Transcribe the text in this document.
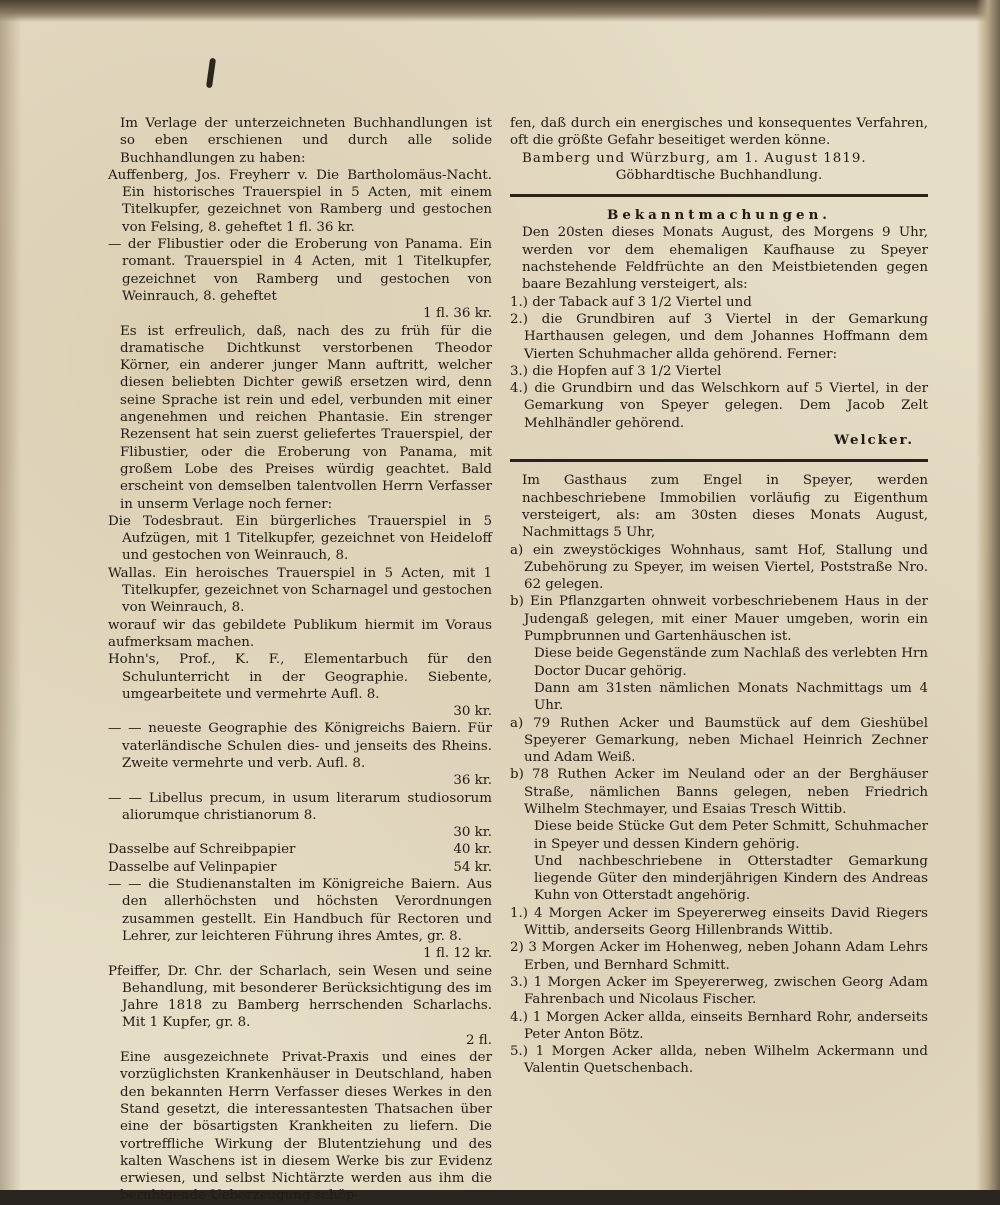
Im Verlage der unterzeichneten Buchhandlungen ist so eben erschienen und durch alle solide Buchhandlungen zu haben:

Auffenberg, Jos. Freyherr v. Die Bartholomäus-Nacht. Ein historisches Trauerspiel in 5 Acten, mit einem Titelkupfer, gezeichnet von Ramberg und gestochen von Felsing, 8. geheftet 1 fl. 36 kr.

— der Flibustier oder die Eroberung von Panama. Ein romant. Trauerspiel in 4 Acten, mit 1 Titelkupfer, gezeichnet von Ramberg und gestochen von Weinrauch, 8. geheftet

1 fl. 36 kr.

Es ist erfreulich, daß, nach des zu früh für die dramatische Dichtkunst verstorbenen Theodor Körner, ein anderer junger Mann auftritt, welcher diesen beliebten Dichter gewiß ersetzen wird, denn seine Sprache ist rein und edel, verbunden mit einer angenehmen und reichen Phantasie. Ein strenger Rezensent hat sein zuerst geliefertes Trauerspiel, der Flibustier, oder die Eroberung von Panama, mit großem Lobe des Preises würdig geachtet. Bald erscheint von demselben talentvollen Herrn Verfasser in unserm Verlage noch ferner:

Die Todesbraut. Ein bürgerliches Trauerspiel in 5 Aufzügen, mit 1 Titelkupfer, gezeichnet von Heideloff und gestochen von Weinrauch, 8.

Wallas. Ein heroisches Trauerspiel in 5 Acten, mit 1 Titelkupfer, gezeichnet von Scharnagel und gestochen von Weinrauch, 8.

worauf wir das gebildete Publikum hiermit im Voraus aufmerksam machen.

Hohn's, Prof., K. F., Elementarbuch für den Schulunterricht in der Geographie. Siebente, umgearbeitete und vermehrte Aufl. 8.

30 kr.

— — neueste Geographie des Königreichs Baiern. Für vaterländische Schulen dies- und jenseits des Rheins. Zweite vermehrte und verb. Aufl. 8.

36 kr.

— — Libellus precum, in usum literarum studiosorum aliorumque christianorum 8.

30 kr.

Dasselbe auf Schreibpapier	40 kr.
Dasselbe auf Velinpapier	54 kr.

— — die Studienanstalten im Königreiche Baiern. Aus den allerhöchsten und höchsten Verordnungen zusammen gestellt. Ein Handbuch für Rectoren und Lehrer, zur leichteren Führung ihres Amtes, gr. 8.

1 fl. 12 kr.

Pfeiffer, Dr. Chr. der Scharlach, sein Wesen und seine Behandlung, mit besonderer Berücksichtigung des im Jahre 1818 zu Bamberg herrschenden Scharlachs. Mit 1 Kupfer, gr. 8.

2 fl.

Eine ausgezeichnete Privat-Praxis und eines der vorzüglichsten Krankenhäuser in Deutschland, haben den bekannten Herrn Verfasser dieses Werkes in den Stand gesetzt, die interessantesten Thatsachen über eine der bösartigsten Krankheiten zu liefern. Die vortreffliche Wirkung der Blutentziehung und des kalten Waschens ist in diesem Werke bis zur Evidenz erwiesen, und selbst Nichtärzte werden aus ihm die beruhigende Ueberzeugung schöp-

fen, daß durch ein energisches und konsequentes Verfahren, oft die größte Gefahr beseitiget werden könne.

Bamberg und Würzburg, am 1. August 1819.

Göbhardtische Buchhandlung.

Bekanntmachungen.

Den 20sten dieses Monats August, des Morgens 9 Uhr, werden vor dem ehemaligen Kaufhause zu Speyer nachstehende Feldfrüchte an den Meistbietenden gegen baare Bezahlung versteigert, als:

1.) der Taback auf 3 1/2 Viertel und

2.) die Grundbiren auf 3 Viertel in der Gemarkung Harthausen gelegen, und dem Johannes Hoffmann dem Vierten Schuhmacher allda gehörend. Ferner:

3.) die Hopfen auf 3 1/2 Viertel

4.) die Grundbirn und das Welschkorn auf 5 Viertel, in der Gemarkung von Speyer gelegen. Dem Jacob Zelt Mehlhändler gehörend.

Welcker.

Im Gasthaus zum Engel in Speyer, werden nachbeschriebene Immobilien vorläufig zu Eigenthum versteigert, als: am 30sten dieses Monats August, Nachmittags 5 Uhr,

a) ein zweystöckiges Wohnhaus, samt Hof, Stallung und Zubehörung zu Speyer, im weisen Viertel, Poststraße Nro. 62 gelegen.

b) Ein Pflanzgarten ohnweit vorbeschriebenem Haus in der Judengaß gelegen, mit einer Mauer umgeben, worin ein Pumpbrunnen und Gartenhäuschen ist.

Diese beide Gegenstände zum Nachlaß des verlebten Hrn Doctor Ducar gehörig.

Dann am 31sten nämlichen Monats Nachmittags um 4 Uhr.

a) 79 Ruthen Acker und Baumstück auf dem Gieshübel Speyerer Gemarkung, neben Michael Heinrich Zechner und Adam Weiß.

b) 78 Ruthen Acker im Neuland oder an der Berghäuser Straße, nämlichen Banns gelegen, neben Friedrich Wilhelm Stechmayer, und Esaias Tresch Wittib.

Diese beide Stücke Gut dem Peter Schmitt, Schuhmacher in Speyer und dessen Kindern gehörig.

Und nachbeschriebene in Otterstadter Gemarkung liegende Güter den minderjährigen Kindern des Andreas Kuhn von Otterstadt angehörig.

1.) 4 Morgen Acker im Speyererweg einseits David Riegers Wittib, anderseits Georg Hillenbrands Wittib.

2) 3 Morgen Acker im Hohenweg, neben Johann Adam Lehrs Erben, und Bernhard Schmitt.

3.) 1 Morgen Acker im Speyererweg, zwischen Georg Adam Fahrenbach und Nicolaus Fischer.

4.) 1 Morgen Acker allda, einseits Bernhard Rohr, anderseits Peter Anton Bötz.

5.) 1 Morgen Acker allda, neben Wilhelm Ackermann und Valentin Quetschenbach.
